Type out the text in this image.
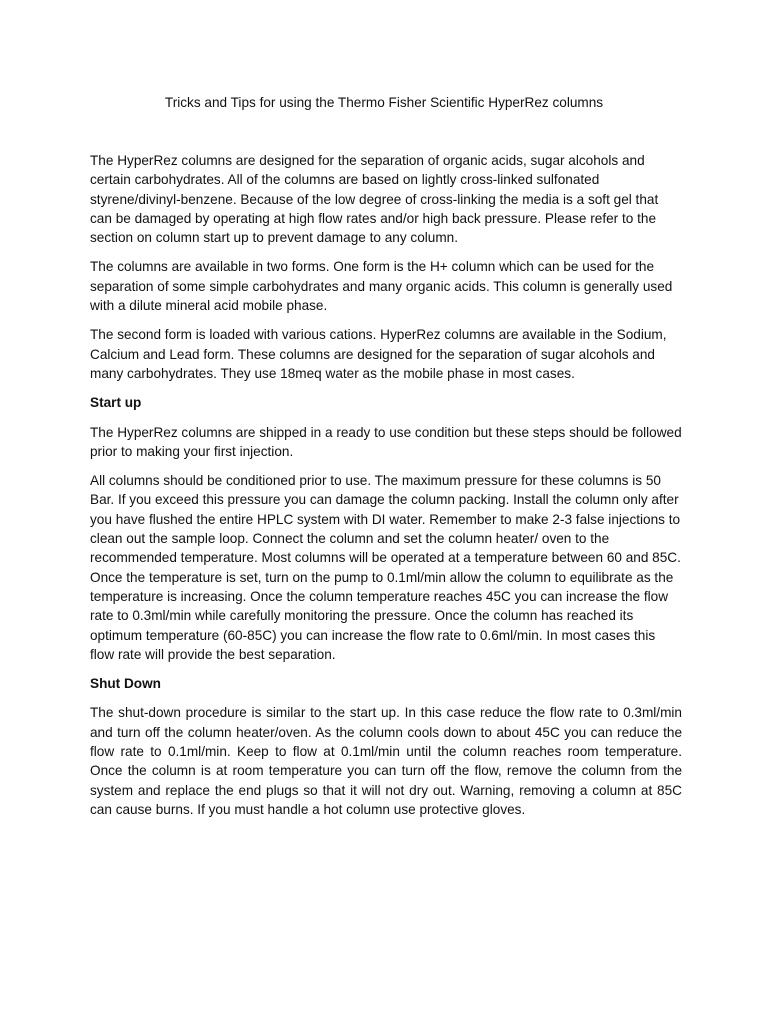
Tricks and Tips for using the Thermo Fisher Scientific HyperRez columns

The HyperRez columns are designed for the separation of organic acids, sugar alcohols and certain carbohydrates. All of the columns are based on lightly cross-linked sulfonated styrene/divinyl-benzene. Because of the low degree of cross-linking the media is a soft gel that can be damaged by operating at high flow rates and/or high back pressure. Please refer to the section on column start up to prevent damage to any column.

The columns are available in two forms. One form is the H+ column which can be used for the separation of some simple carbohydrates and many organic acids. This column is generally used with a dilute mineral acid mobile phase.

The second form is loaded with various cations. HyperRez columns are available in the Sodium, Calcium and Lead form. These columns are designed for the separation of sugar alcohols and many carbohydrates. They use 18meq water as the mobile phase in most cases.

Start up

The HyperRez columns are shipped in a ready to use condition but these steps should be followed prior to making your first injection.

All columns should be conditioned prior to use. The maximum pressure for these columns is 50 Bar. If you exceed this pressure you can damage the column packing. Install the column only after you have flushed the entire HPLC system with DI water. Remember to make 2-3 false injections to clean out the sample loop. Connect the column and set the column heater/ oven to the recommended temperature. Most columns will be operated at a temperature between 60 and 85C. Once the temperature is set, turn on the pump to 0.1ml/min allow the column to equilibrate as the temperature is increasing. Once the column temperature reaches 45C you can increase the flow rate to 0.3ml/min while carefully monitoring the pressure. Once the column has reached its optimum temperature (60-85C) you can increase the flow rate to 0.6ml/min. In most cases this flow rate will provide the best separation.

Shut Down

The shut-down procedure is similar to the start up. In this case reduce the flow rate to 0.3ml/min and turn off the column heater/oven. As the column cools down to about 45C you can reduce the flow rate to 0.1ml/min. Keep to flow at 0.1ml/min until the column reaches room temperature. Once the column is at room temperature you can turn off the flow, remove the column from the system and replace the end plugs so that it will not dry out. Warning, removing a column at 85C can cause burns. If you must handle a hot column use protective gloves.
